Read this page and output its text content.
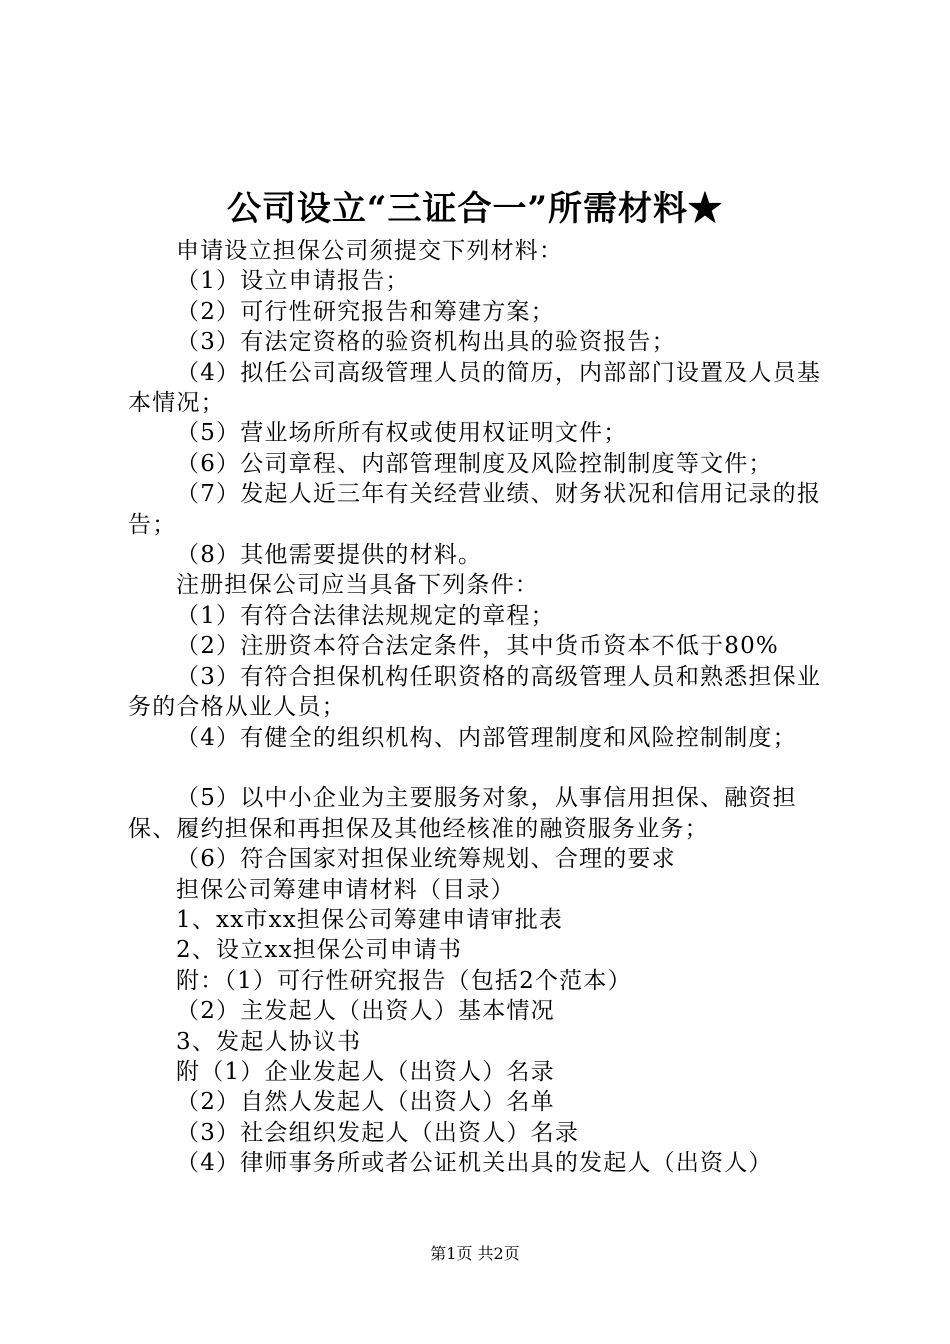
公司设立“三证合一”所需材料★

申请设立担保公司须提交下列材料：

（1）设立申请报告；

（2）可行性研究报告和筹建方案；

（3）有法定资格的验资机构出具的验资报告；

（4）拟任公司高级管理人员的简历，内部部门设置及人员基本情况；

（5）营业场所所有权或使用权证明文件；

（6）公司章程、内部管理制度及风险控制制度等文件；

（7）发起人近三年有关经营业绩、财务状况和信用记录的报告；

（8）其他需要提供的材料。

注册担保公司应当具备下列条件：

（1）有符合法律法规规定的章程；

（2）注册资本符合法定条件，其中货币资本不低于80%

（3）有符合担保机构任职资格的高级管理人员和熟悉担保业务的合格从业人员；

（4）有健全的组织机构、内部管理制度和风险控制制度；

（5）以中小企业为主要服务对象，从事信用担保、融资担保、履约担保和再担保及其他经核准的融资服务业务；

（6）符合国家对担保业统筹规划、合理的要求

担保公司筹建申请材料（目录）

1、xx市xx担保公司筹建申请审批表

2、设立xx担保公司申请书

附：（1）可行性研究报告（包括2个范本）

（2）主发起人（出资人）基本情况

3、发起人协议书

附（1）企业发起人（出资人）名录

（2）自然人发起人（出资人）名单

（3）社会组织发起人（出资人）名录

（4）律师事务所或者公证机关出具的发起人（出资人）

第1页 共2页
